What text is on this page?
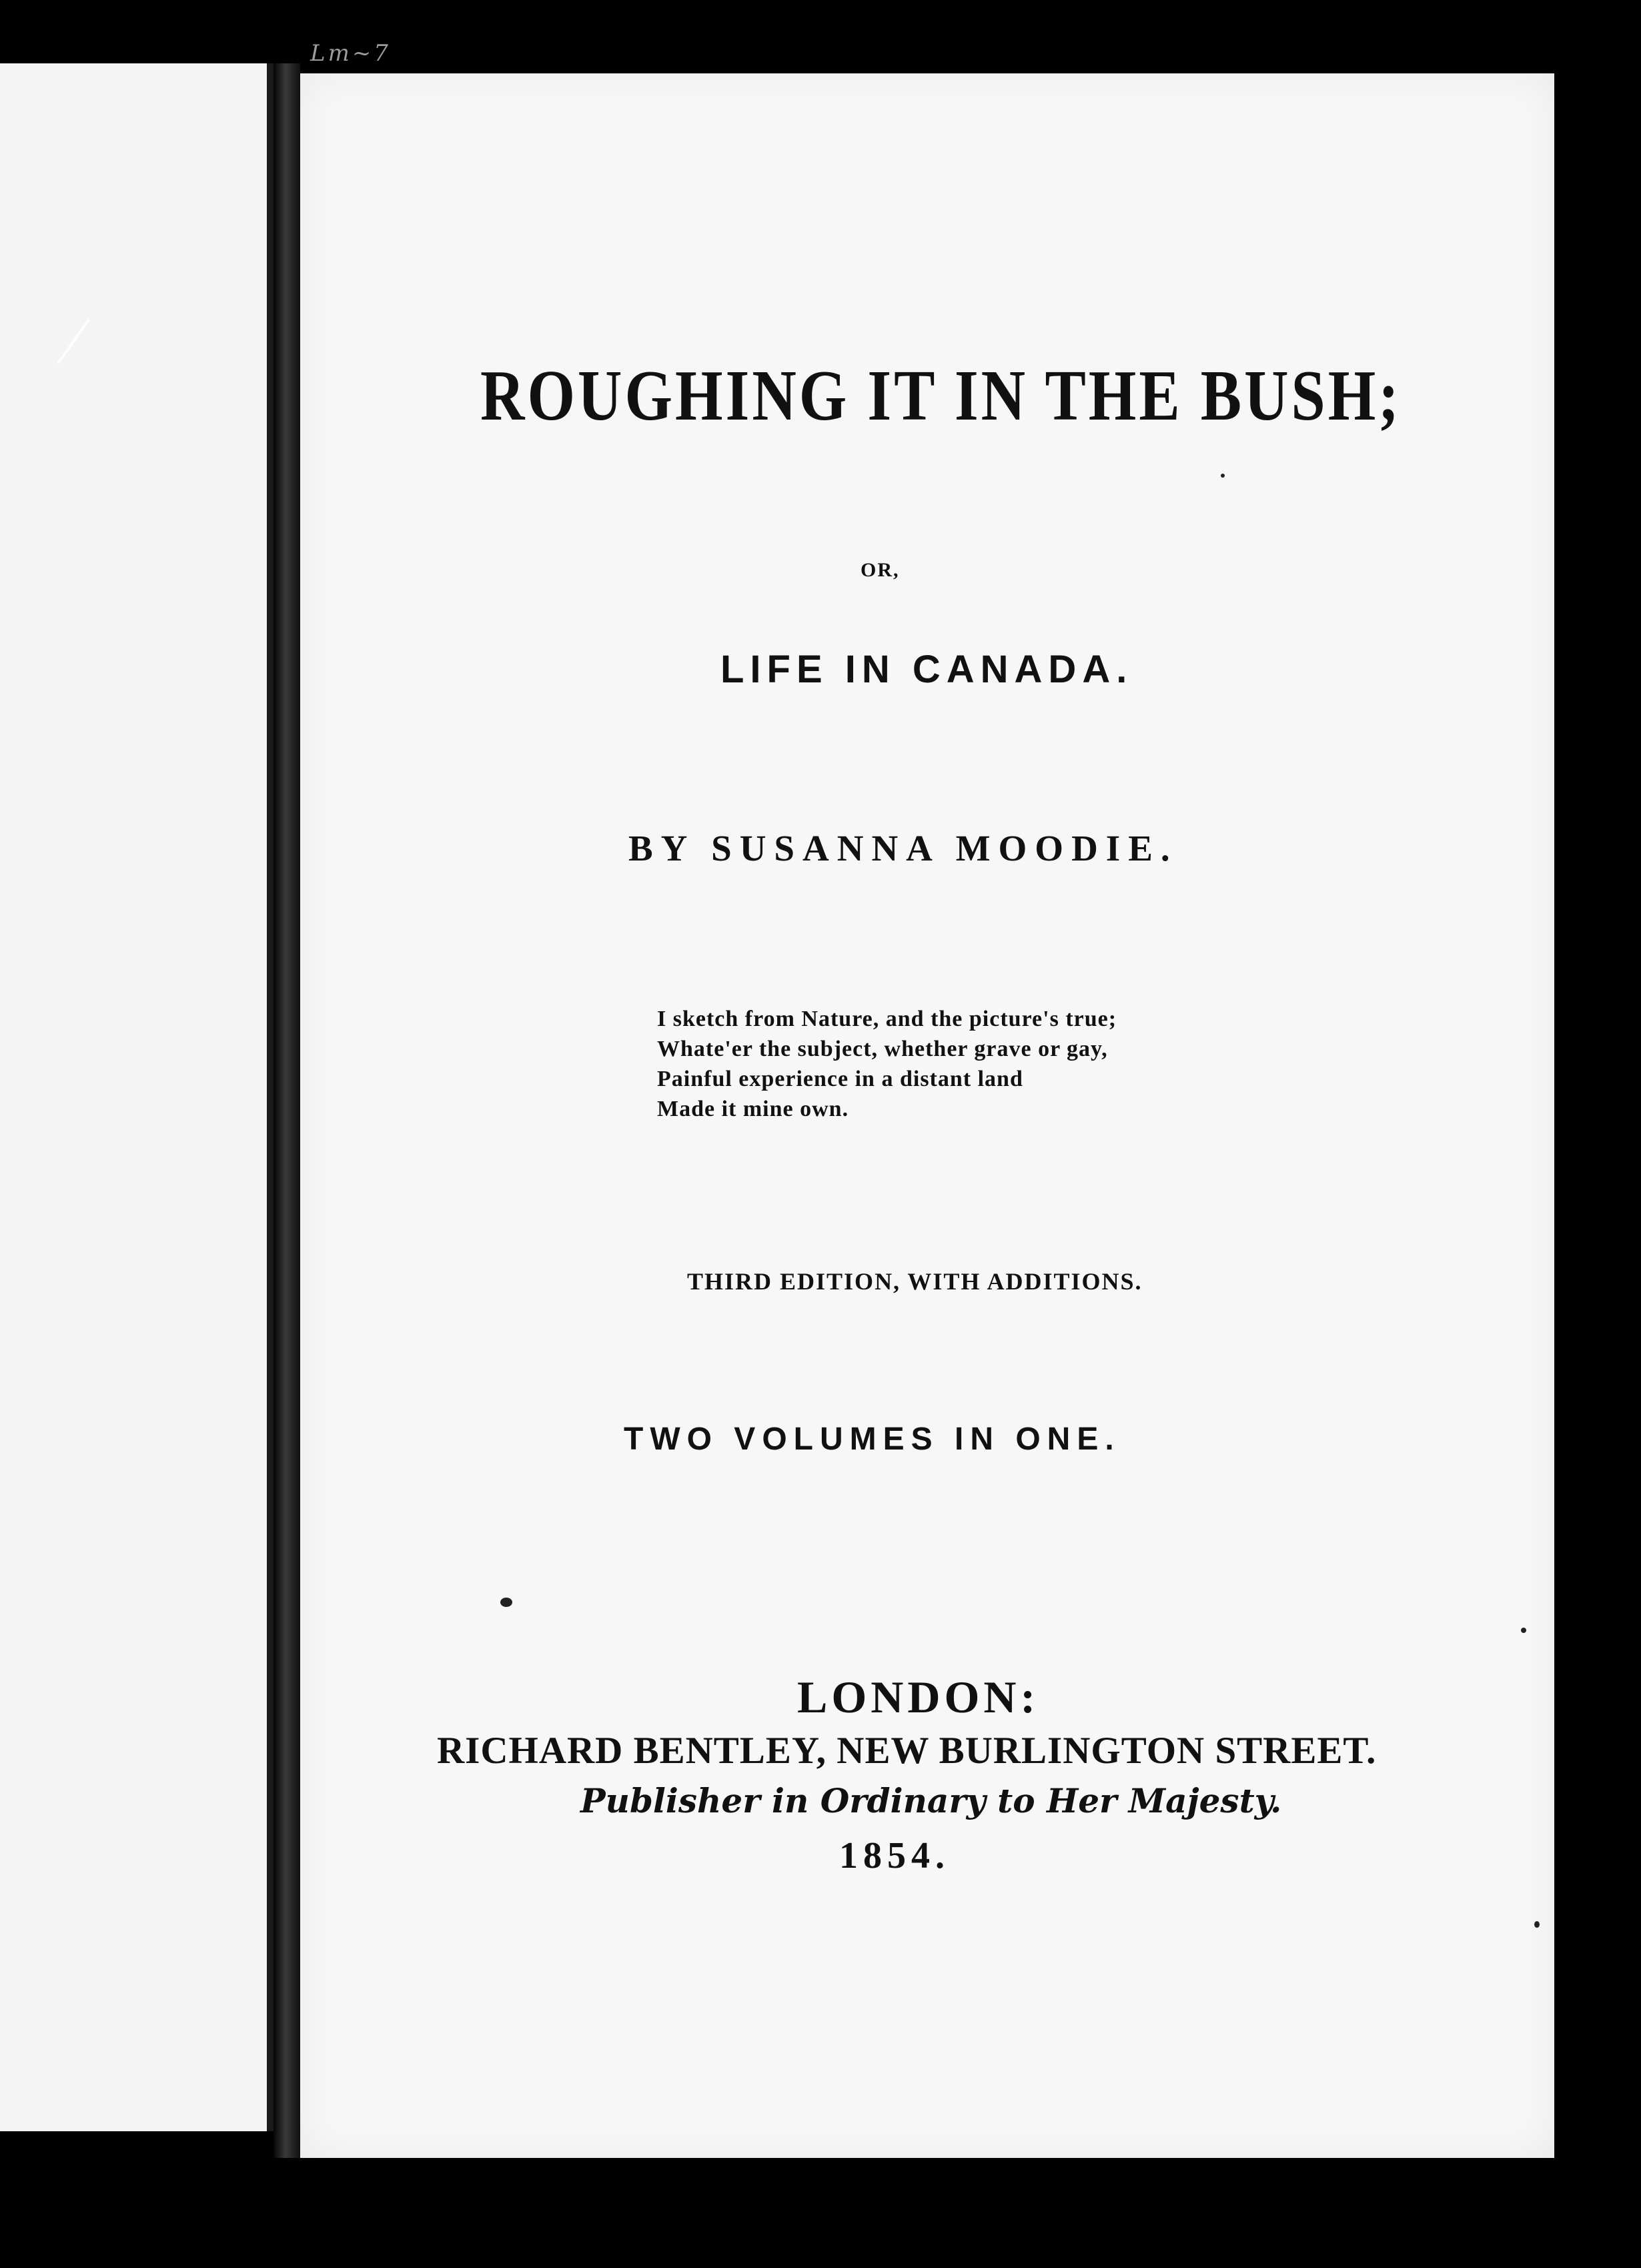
Lm~7
ROUGHING IT IN THE BUSH;
OR,
LIFE IN CANADA.
BY SUSANNA MOODIE.
I sketch from Nature, and the picture's true;
Whate'er the subject, whether grave or gay,
Painful experience in a distant land
Made it mine own.
THIRD EDITION, WITH ADDITIONS.
TWO VOLUMES IN ONE.
LONDON:
RICHARD BENTLEY, NEW BURLINGTON STREET.
Publisher in Ordinary to Her Majesty.
1854.
